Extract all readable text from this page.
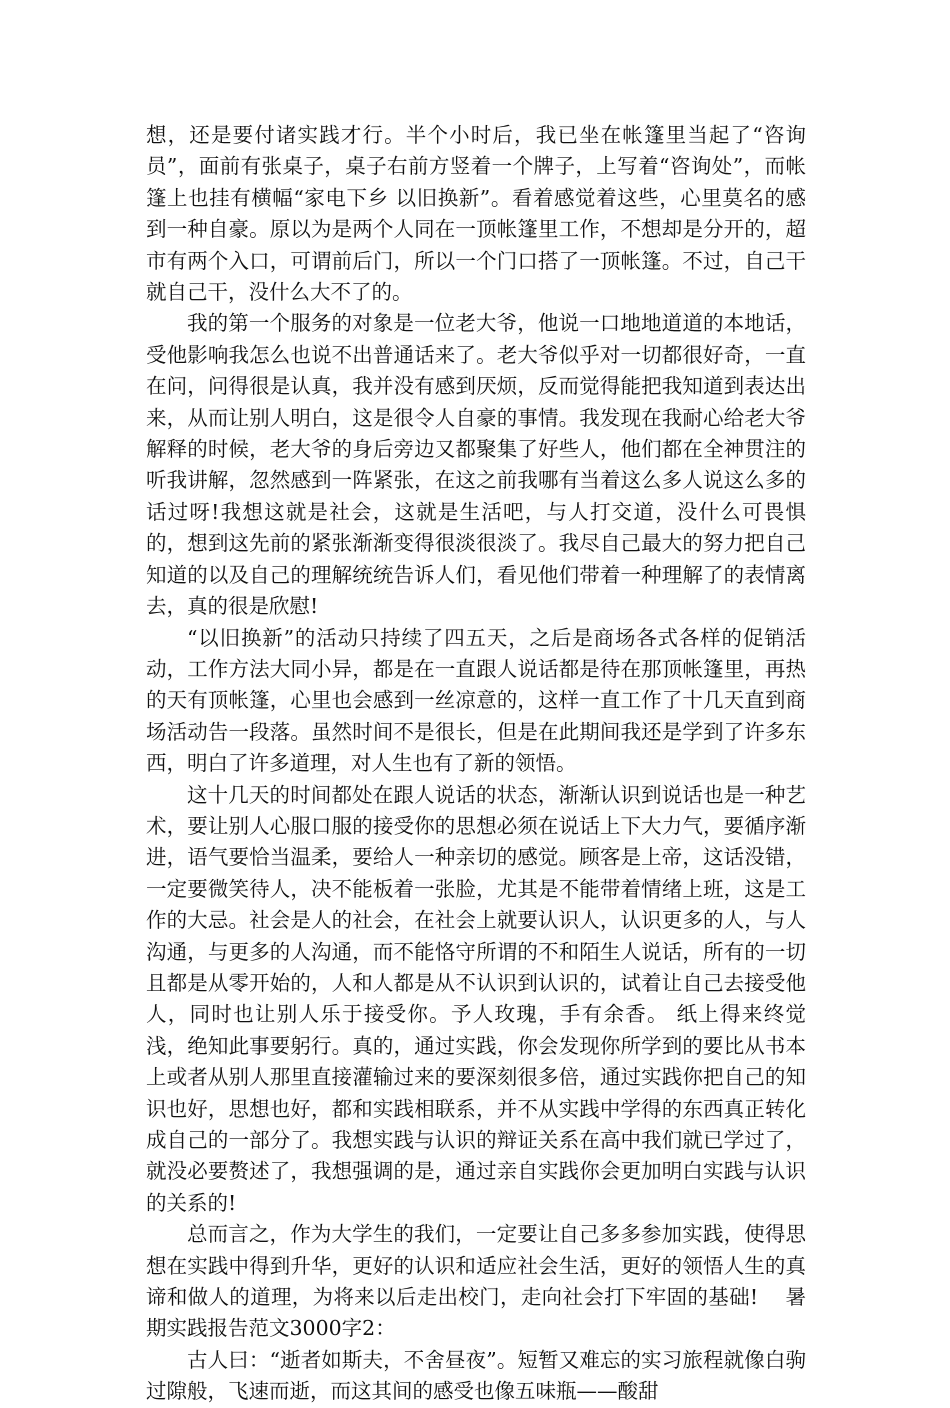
想，还是要付诸实践才行。半个小时后，我已坐在帐篷里当起了“咨询员”，面前有张桌子，桌子右前方竖着一个牌子，上写着“咨询处”，而帐篷上也挂有横幅“家电下乡 以旧换新”。看着感觉着这些，心里莫名的感到一种自豪。原以为是两个人同在一顶帐篷里工作，不想却是分开的，超市有两个入口，可谓前后门，所以一个门口搭了一顶帐篷。不过，自己干就自己干，没什么大不了的。

我的第一个服务的对象是一位老大爷，他说一口地地道道的本地话，受他影响我怎么也说不出普通话来了。老大爷似乎对一切都很好奇，一直在问，问得很是认真，我并没有感到厌烦，反而觉得能把我知道到表达出来，从而让别人明白，这是很令人自豪的事情。我发现在我耐心给老大爷解释的时候，老大爷的身后旁边又都聚集了好些人，他们都在全神贯注的听我讲解，忽然感到一阵紧张，在这之前我哪有当着这么多人说这么多的话过呀!我想这就是社会，这就是生活吧，与人打交道，没什么可畏惧的，想到这先前的紧张渐渐变得很淡很淡了。我尽自己最大的努力把自己知道的以及自己的理解统统告诉人们，看见他们带着一种理解了的表情离去，真的很是欣慰!

“以旧换新”的活动只持续了四五天，之后是商场各式各样的促销活动，工作方法大同小异，都是在一直跟人说话都是待在那顶帐篷里，再热的天有顶帐篷，心里也会感到一丝凉意的，这样一直工作了十几天直到商场活动告一段落。虽然时间不是很长，但是在此期间我还是学到了许多东西，明白了许多道理，对人生也有了新的领悟。

这十几天的时间都处在跟人说话的状态，渐渐认识到说话也是一种艺术，要让别人心服口服的接受你的思想必须在说话上下大力气，要循序渐进，语气要恰当温柔，要给人一种亲切的感觉。顾客是上帝，这话没错，一定要微笑待人，决不能板着一张脸，尤其是不能带着情绪上班，这是工作的大忌。社会是人的社会，在社会上就要认识人，认识更多的人，与人沟通，与更多的人沟通，而不能恪守所谓的不和陌生人说话，所有的一切且都是从零开始的，人和人都是从不认识到认识的，试着让自己去接受他人，同时也让别人乐于接受你。予人玫瑰，手有余香。 纸上得来终觉浅，绝知此事要躬行。真的，通过实践，你会发现你所学到的要比从书本上或者从别人那里直接灌输过来的要深刻很多倍，通过实践你把自己的知识也好，思想也好，都和实践相联系，并不从实践中学得的东西真正转化成自己的一部分了。我想实践与认识的辩证关系在高中我们就已学过了，就没必要赘述了，我想强调的是，通过亲自实践你会更加明白实践与认识的关系的!

总而言之，作为大学生的我们，一定要让自己多多参加实践，使得思想在实践中得到升华，更好的认识和适应社会生活，更好的领悟人生的真谛和做人的道理，为将来以后走出校门，走向社会打下牢固的基础!    暑期实践报告范文3000字2：

古人曰：“逝者如斯夫，不舍昼夜”。短暂又难忘的实习旅程就像白驹过隙般，飞速而逝，而这其间的感受也像五味瓶——酸甜
